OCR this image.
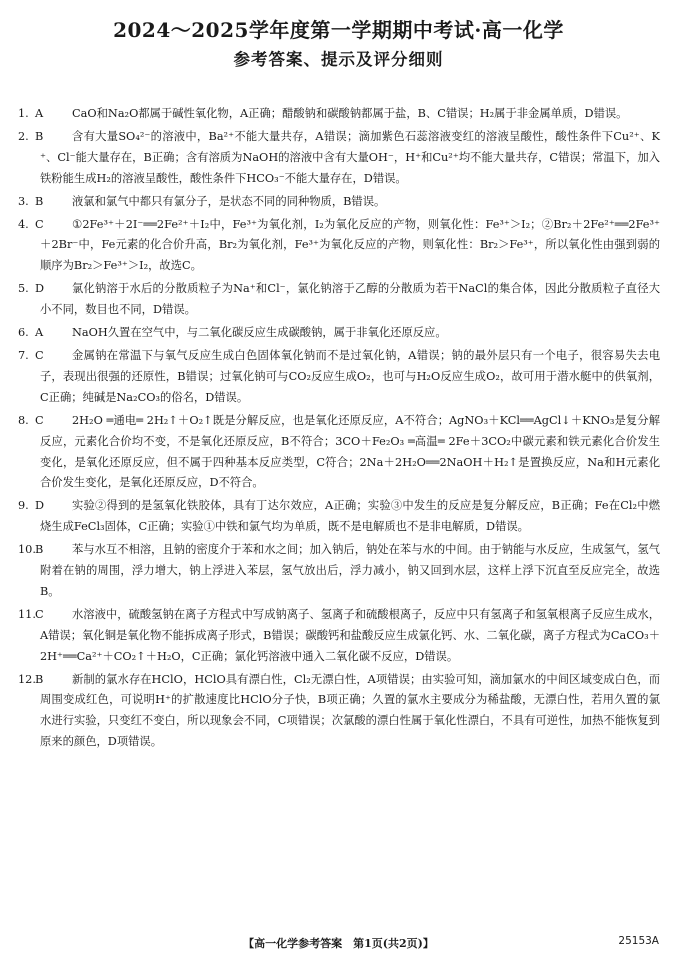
2024～2025学年度第一学期期中考试·高一化学
参考答案、提示及评分细则
1. A	CaO和Na₂O都属于碱性氧化物，A正确；醋酸钠和碳酸钠都属于盐，B、C错误；H₂属于非金属单质，D错误。
2. B	含有大量SO₄²⁻的溶液中，Ba²⁺不能大量共存，A错误；滴加紫色石蕊溶液变红的溶液呈酸性，酸性条件下Cu²⁺、K⁺、Cl⁻能大量存在，B正确；含有溶质为NaOH的溶液中含有大量OH⁻，H⁺和Cu²⁺均不能大量共存，C错误；常温下，加入铁粉能生成H₂的溶液呈酸性，酸性条件下HCO₃⁻不能大量存在，D错误。
3. B	液氯和氯气中都只有氯分子，是状态不同的同种物质，B错误。
4. C	①2Fe³⁺＋2I⁻══2Fe²⁺＋I₂中，Fe³⁺为氧化剂，I₂为氧化反应的产物，则氧化性：Fe³⁺＞I₂；②Br₂＋2Fe²⁺══2Fe³⁺＋2Br⁻中，Fe元素的化合价升高，Br₂为氧化剂，Fe³⁺为氧化反应的产物，则氧化性：Br₂＞Fe³⁺，所以氧化性由强到弱的顺序为Br₂＞Fe³⁺＞I₂，故选C。
5. D	氯化钠溶于水后的分散质粒子为Na⁺和Cl⁻，氯化钠溶于乙醇的分散质为若干NaCl的集合体，因此分散质粒子直径大小不同，数目也不同，D错误。
6. A	NaOH久置在空气中，与二氧化碳反应生成碳酸钠，属于非氧化还原反应。
7. C	金属钠在常温下与氧气反应生成白色固体氧化钠而不是过氧化钠，A错误；钠的最外层只有一个电子，很容易失去电子，表现出很强的还原性，B错误；过氧化钠可与CO₂反应生成O₂，也可与H₂O反应生成O₂，故可用于潜水艇中的供氧剂，C正确；纯碱是Na₂CO₃的俗名，D错误。
8. C	2H₂O ═通电═ 2H₂↑＋O₂↑既是分解反应，也是氧化还原反应，A不符合；AgNO₃＋KCl══AgCl↓＋KNO₃是复分解反应，元素化合价均不变，不是氧化还原反应，B不符合；3CO＋Fe₂O₃ ═高温═ 2Fe＋3CO₂中碳元素和铁元素化合价发生变化，是氧化还原反应，但不属于四种基本反应类型，C符合；2Na＋2H₂O══2NaOH＋H₂↑是置换反应，Na和H元素化合价发生变化，是氧化还原反应，D不符合。
9. D	实验②得到的是氢氧化铁胶体，具有丁达尔效应，A正确；实验③中发生的反应是复分解反应，B正确；Fe在Cl₂中燃烧生成FeCl₃固体，C正确；实验①中铁和氯气均为单质，既不是电解质也不是非电解质，D错误。
10.B	苯与水互不相溶，且钠的密度介于苯和水之间；加入钠后，钠处在苯与水的中间。由于钠能与水反应，生成氢气，氢气附着在钠的周围，浮力增大，钠上浮进入苯层，氢气放出后，浮力减小，钠又回到水层，这样上浮下沉直至反应完全，故选B。
11.C	水溶液中，硫酸氢钠在离子方程式中写成钠离子、氢离子和硫酸根离子，反应中只有氢离子和氢氧根离子反应生成水，A错误；氧化铜是氧化物不能拆成离子形式，B错误；碳酸钙和盐酸反应生成氯化钙、水、二氧化碳，离子方程式为CaCO₃＋2H⁺══Ca²⁺＋CO₂↑＋H₂O，C正确；氯化钙溶液中通入二氧化碳不反应，D错误。
12.B	新制的氯水存在HClO，HClO具有漂白性，Cl₂无漂白性，A项错误；由实验可知，滴加氯水的中间区域变成白色，而周围变成红色，可说明H⁺的扩散速度比HClO分子快，B项正确；久置的氯水主要成分为稀盐酸，无漂白性，若用久置的氯水进行实验，只变红不变白，所以现象会不同，C项错误；次氯酸的漂白性属于氧化性漂白，不具有可逆性，加热不能恢复到原来的颜色，D项错误。
【高一化学参考答案　第1页(共2页)】	25153A
